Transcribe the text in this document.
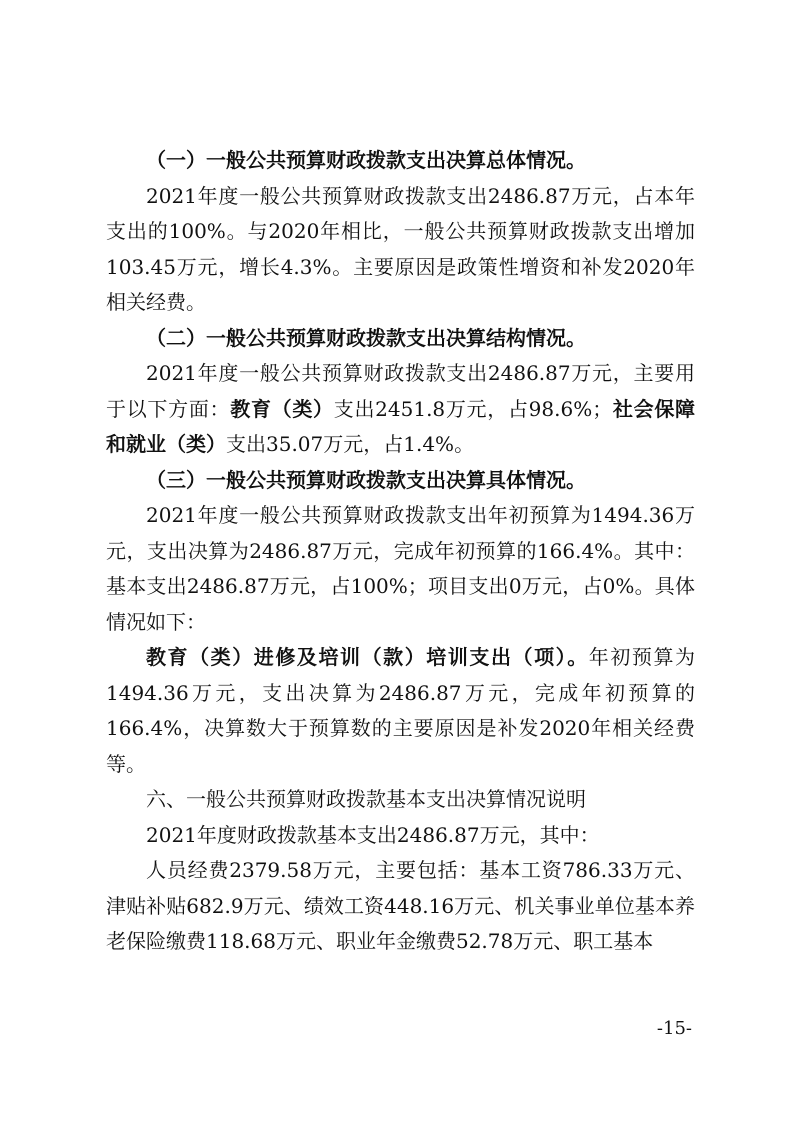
（一）一般公共预算财政拨款支出决算总体情况。

2021年度一般公共预算财政拨款支出2486.87万元，占本年支出的100%。与2020年相比，一般公共预算财政拨款支出增加103.45万元，增长4.3%。主要原因是政策性增资和补发2020年相关经费。

（二）一般公共预算财政拨款支出决算结构情况。

2021年度一般公共预算财政拨款支出2486.87万元，主要用于以下方面：教育（类）支出2451.8万元，占98.6%；社会保障和就业（类）支出35.07万元，占1.4%。

（三）一般公共预算财政拨款支出决算具体情况。

2021年度一般公共预算财政拨款支出年初预算为1494.36万元，支出决算为2486.87万元，完成年初预算的166.4%。其中：基本支出2486.87万元，占100%；项目支出0万元，占0%。具体情况如下：

教育（类）进修及培训（款）培训支出（项）。年初预算为1494.36万元，支出决算为2486.87万元，完成年初预算的166.4%，决算数大于预算数的主要原因是补发2020年相关经费等。

六、一般公共预算财政拨款基本支出决算情况说明

2021年度财政拨款基本支出2486.87万元，其中：

人员经费2379.58万元，主要包括：基本工资786.33万元、津贴补贴682.9万元、绩效工资448.16万元、机关事业单位基本养老保险缴费118.68万元、职业年金缴费52.78万元、职工基本

-15-
